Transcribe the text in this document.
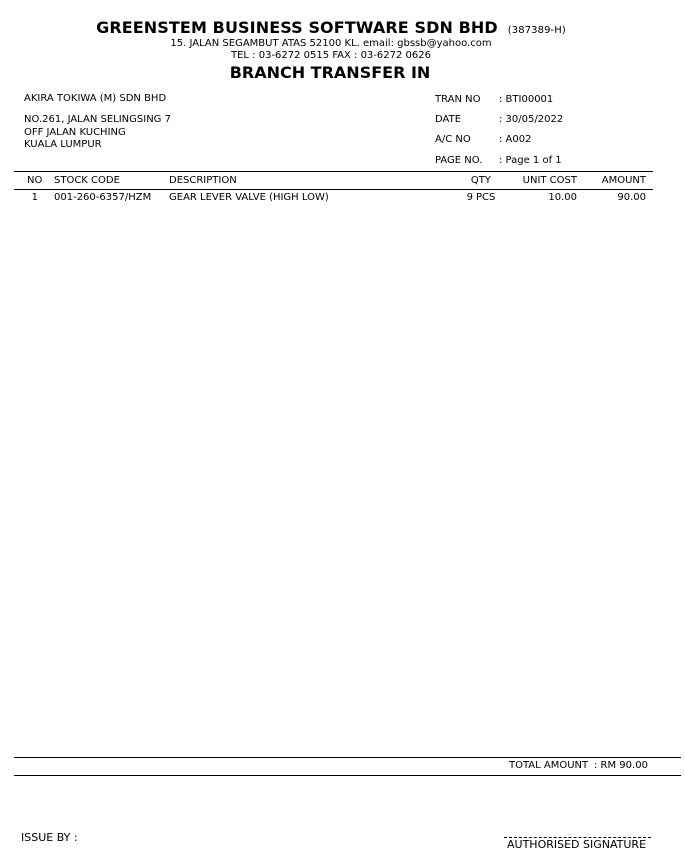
GREENSTEM BUSINESS SOFTWARE SDN BHD (387389-H)
15. JALAN SEGAMBUT ATAS 52100 KL. email: gbssb@yahoo.com
TEL : 03-6272 0515 FAX : 03-6272 0626
BRANCH TRANSFER IN
AKIRA TOKIWA (M) SDN BHD
NO.261, JALAN SELINGSING 7
OFF JALAN KUCHING
KUALA LUMPUR
TRAN NO : BTI00001
DATE	: 30/05/2022
A/C NO	: A002
PAGE NO. : Page 1 of 1
NO STOCK CODE	DESCRIPTION	QTY	UNIT COST	AMOUNT
1 001-260-6357/HZM GEAR LEVER VALVE (HIGH LOW)	9 PCS	10.00	90.00
TOTAL AMOUNT : RM 90.00
ISSUE BY :
AUTHORISED SIGNATURE
